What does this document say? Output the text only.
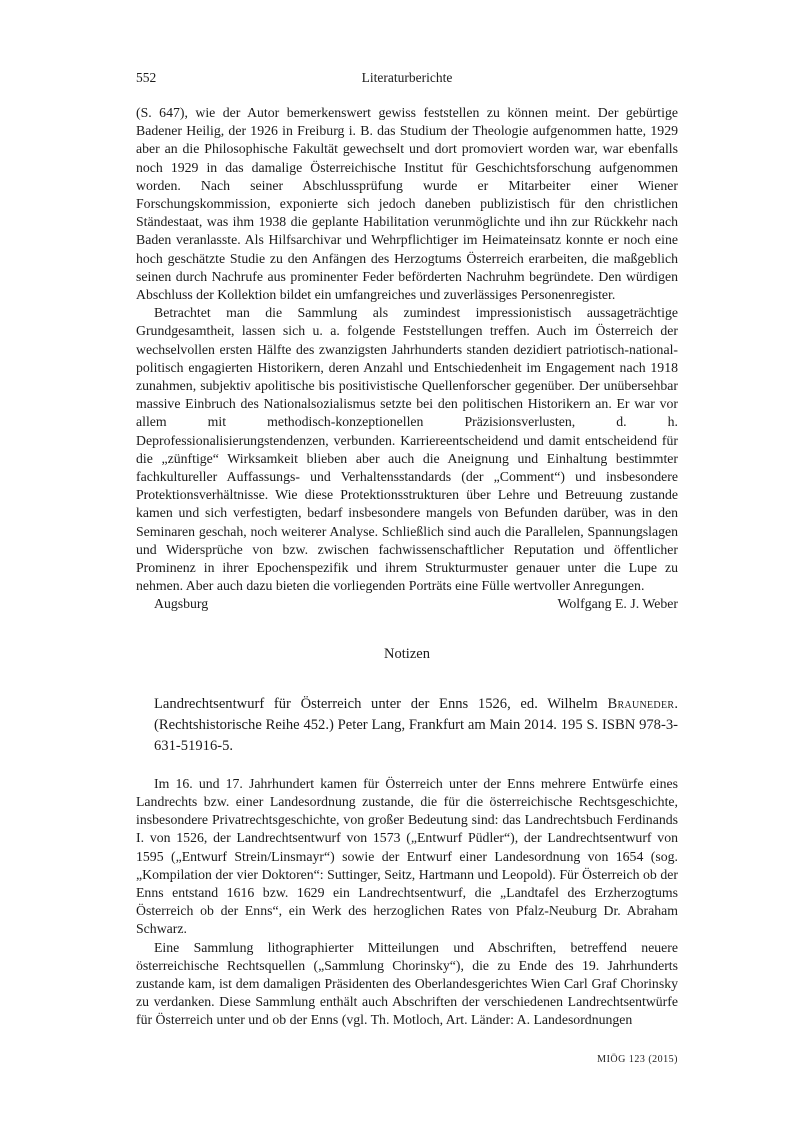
552	Literaturberichte

(S. 647), wie der Autor bemerkenswert gewiss feststellen zu können meint. Der gebürtige Badener Heilig, der 1926 in Freiburg i. B. das Studium der Theologie aufgenommen hatte, 1929 aber an die Philosophische Fakultät gewechselt und dort promoviert worden war, war ebenfalls noch 1929 in das damalige Österreichische Institut für Geschichtsforschung aufgenommen worden. Nach seiner Abschlussprüfung wurde er Mitarbeiter einer Wiener Forschungskommission, exponierte sich jedoch daneben publizistisch für den christlichen Ständestaat, was ihm 1938 die geplante Habilitation verunmöglichte und ihn zur Rückkehr nach Baden veranlasste. Als Hilfsarchivar und Wehrpflichtiger im Heimateinsatz konnte er noch eine hoch geschätzte Studie zu den Anfängen des Herzogtums Österreich erarbeiten, die maßgeblich seinen durch Nachrufe aus prominenter Feder beförderten Nachruhm begründete. Den würdigen Abschluss der Kollektion bildet ein umfangreiches und zuverlässiges Personenregister.

Betrachtet man die Sammlung als zumindest impressionistisch aussageträchtige Grundgesamtheit, lassen sich u. a. folgende Feststellungen treffen. Auch im Österreich der wechselvollen ersten Hälfte des zwanzigsten Jahrhunderts standen dezidiert patriotisch-national-politisch engagierten Historikern, deren Anzahl und Entschiedenheit im Engagement nach 1918 zunahmen, subjektiv apolitische bis positivistische Quellenforscher gegenüber. Der unübersehbar massive Einbruch des Nationalsozialismus setzte bei den politischen Historikern an. Er war vor allem mit methodisch-konzeptionellen Präzisionsverlusten, d. h. Deprofessionalisierungstendenzen, verbunden. Karriereentscheidend und damit entscheidend für die „zünftige“ Wirksamkeit blieben aber auch die Aneignung und Einhaltung bestimmter fachkultureller Auffassungs- und Verhaltensstandards (der „Comment“) und insbesondere Protektionsverhältnisse. Wie diese Protektionsstrukturen über Lehre und Betreuung zustande kamen und sich verfestigten, bedarf insbesondere mangels von Befunden darüber, was in den Seminaren geschah, noch weiterer Analyse. Schließlich sind auch die Parallelen, Spannungslagen und Widersprüche von bzw. zwischen fachwissenschaftlicher Reputation und öffentlicher Prominenz in ihrer Epochenspezifik und ihrem Strukturmuster genauer unter die Lupe zu nehmen. Aber auch dazu bieten die vorliegenden Porträts eine Fülle wertvoller Anregungen.

Augsburg	Wolfgang E. J. Weber
Notizen
Landrechtsentwurf für Österreich unter der Enns 1526, ed. Wilhelm Brauneder. (Rechtshistorische Reihe 452.) Peter Lang, Frankfurt am Main 2014. 195 S. ISBN 978-3-631-51916-5.

Im 16. und 17. Jahrhundert kamen für Österreich unter der Enns mehrere Entwürfe eines Landrechts bzw. einer Landesordnung zustande, die für die österreichische Rechtsgeschichte, insbesondere Privatrechtsgeschichte, von großer Bedeutung sind: das Landrechtsbuch Ferdinands I. von 1526, der Landrechtsentwurf von 1573 („Entwurf Püdler“), der Landrechtsentwurf von 1595 („Entwurf Strein/Linsmayr“) sowie der Entwurf einer Landesordnung von 1654 (sog. „Kompilation der vier Doktoren“: Suttinger, Seitz, Hartmann und Leopold). Für Österreich ob der Enns entstand 1616 bzw. 1629 ein Landrechtsentwurf, die „Landtafel des Erzherzogtums Österreich ob der Enns“, ein Werk des herzoglichen Rates von Pfalz-Neuburg Dr. Abraham Schwarz.

Eine Sammlung lithographierter Mitteilungen und Abschriften, betreffend neuere österreichische Rechtsquellen („Sammlung Chorinsky“), die zu Ende des 19. Jahrhunderts zustande kam, ist dem damaligen Präsidenten des Oberlandesgerichtes Wien Carl Graf Chorinsky zu verdanken. Diese Sammlung enthält auch Abschriften der verschiedenen Landrechtsentwürfe für Österreich unter und ob der Enns (vgl. Th. Motloch, Art. Länder: A. Landesordnungen

MIÖG 123 (2015)
